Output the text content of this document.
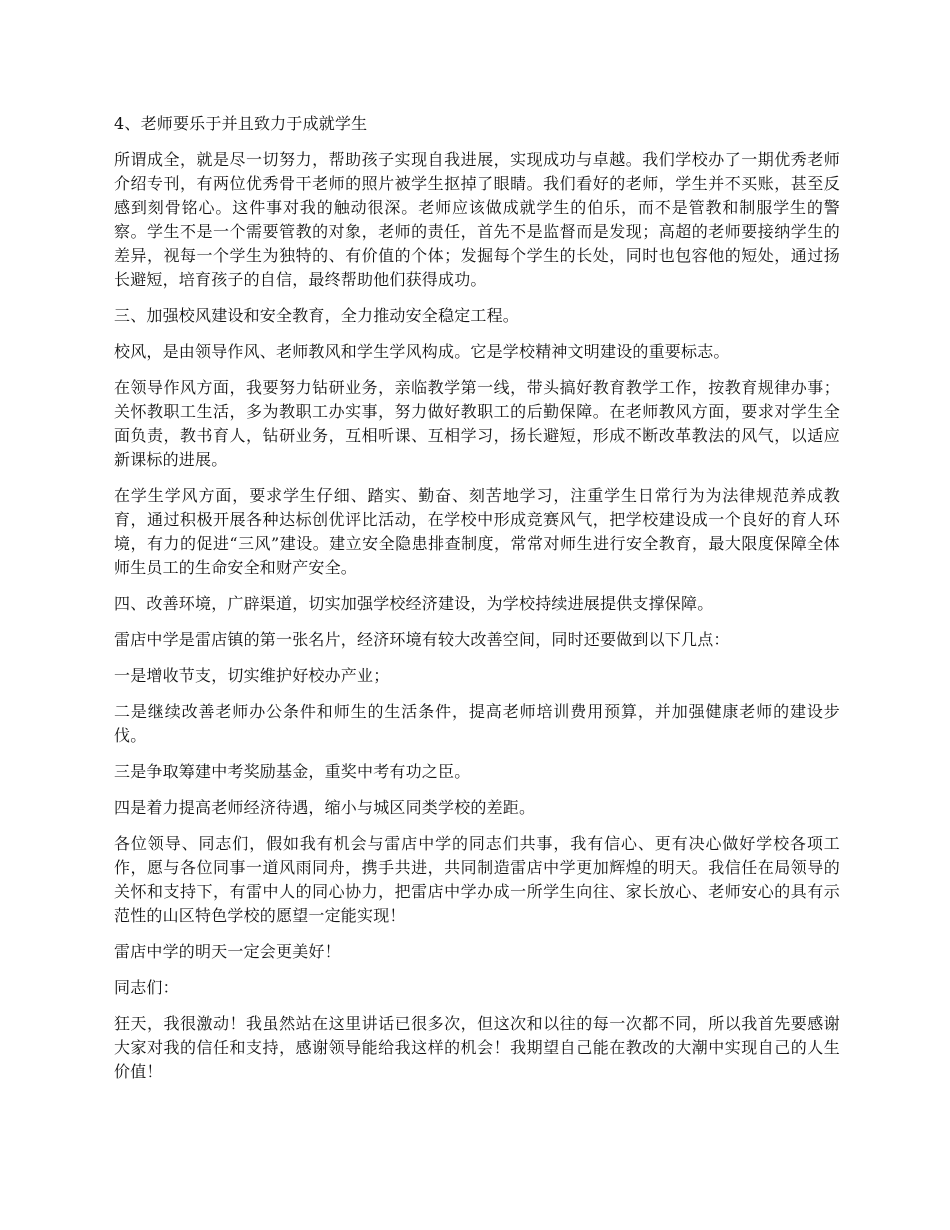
4、老师要乐于并且致力于成就学生

所谓成全，就是尽一切努力，帮助孩子实现自我进展，实现成功与卓越。我们学校办了一期优秀老师介绍专刊，有两位优秀骨干老师的照片被学生抠掉了眼睛。我们看好的老师，学生并不买账，甚至反感到刻骨铭心。这件事对我的触动很深。老师应该做成就学生的伯乐，而不是管教和制服学生的警察。学生不是一个需要管教的对象，老师的责任，首先不是监督而是发现；高超的老师要接纳学生的差异，视每一个学生为独特的、有价值的个体；发掘每个学生的长处，同时也包容他的短处，通过扬长避短，培育孩子的自信，最终帮助他们获得成功。

三、加强校风建设和安全教育，全力推动安全稳定工程。

校风，是由领导作风、老师教风和学生学风构成。它是学校精神文明建设的重要标志。

在领导作风方面，我要努力钻研业务，亲临教学第一线，带头搞好教育教学工作，按教育规律办事；关怀教职工生活，多为教职工办实事，努力做好教职工的后勤保障。在老师教风方面，要求对学生全面负责，教书育人，钻研业务，互相听课、互相学习，扬长避短，形成不断改革教法的风气，以适应新课标的进展。

在学生学风方面，要求学生仔细、踏实、勤奋、刻苦地学习，注重学生日常行为为法律规范养成教育，通过积极开展各种达标创优评比活动，在学校中形成竞赛风气，把学校建设成一个良好的育人环境，有力的促进“三风”建设。建立安全隐患排查制度，常常对师生进行安全教育，最大限度保障全体师生员工的生命安全和财产安全。

四、改善环境，广辟渠道，切实加强学校经济建设，为学校持续进展提供支撑保障。

雷店中学是雷店镇的第一张名片，经济环境有较大改善空间，同时还要做到以下几点：

一是增收节支，切实维护好校办产业；

二是继续改善老师办公条件和师生的生活条件，提高老师培训费用预算，并加强健康老师的建设步伐。

三是争取筹建中考奖励基金，重奖中考有功之臣。

四是着力提高老师经济待遇，缩小与城区同类学校的差距。

各位领导、同志们，假如我有机会与雷店中学的同志们共事，我有信心、更有决心做好学校各项工作，愿与各位同事一道风雨同舟，携手共进，共同制造雷店中学更加辉煌的明天。我信任在局领导的关怀和支持下，有雷中人的同心协力，把雷店中学办成一所学生向往、家长放心、老师安心的具有示范性的山区特色学校的愿望一定能实现！

雷店中学的明天一定会更美好！

同志们：

狂天，我很激动！我虽然站在这里讲话已很多次，但这次和以往的每一次都不同，所以我首先要感谢大家对我的信任和支持，感谢领导能给我这样的机会！我期望自己能在教改的大潮中实现自己的人生价值！
